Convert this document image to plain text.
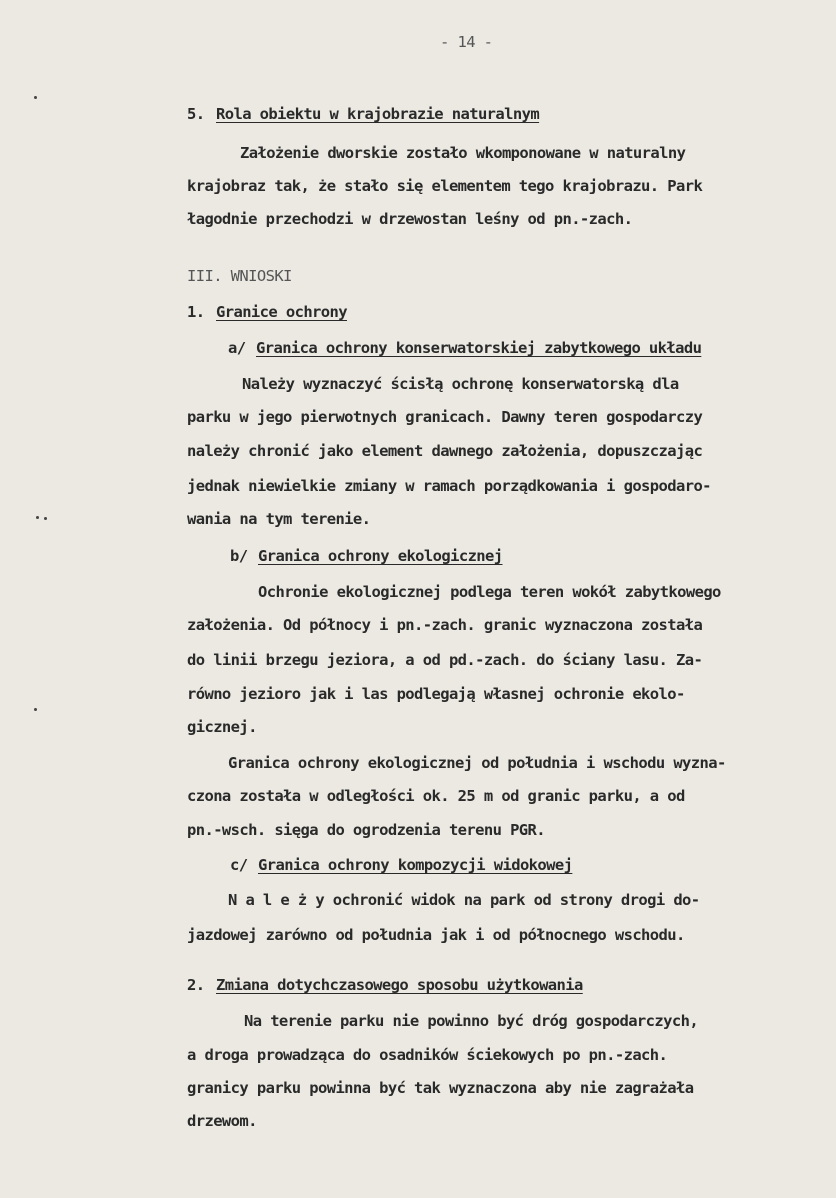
- 14 -
5. Rola obiektu w krajobrazie naturalnym
Założenie dworskie zostało wkomponowane w naturalny
krajobraz tak, że stało się elementem tego krajobrazu. Park
łagodnie przechodzi w drzewostan leśny od pn.-zach.
III. WNIOSKI
1. Granice ochrony
a/ Granica ochrony konserwatorskiej zabytkowego układu
Należy wyznaczyć ścisłą ochronę konserwatorską dla
parku w jego pierwotnych granicach. Dawny teren gospodarczy
należy chronić jako element dawnego założenia, dopuszczając
jednak niewielkie zmiany w ramach porządkowania i gospodaro-
wania na tym terenie.
b/ Granica ochrony ekologicznej
Ochronie ekologicznej podlega teren wokół zabytkowego
założenia. Od północy i pn.-zach. granic wyznaczona została
do linii brzegu jeziora, a od pd.-zach. do ściany lasu. Za-
równo jezioro jak i las podlegają własnej ochronie ekolo-
gicznej.
Granica ochrony ekologicznej od południa i wschodu wyzna-
czona została w odległości ok. 25 m od granic parku, a od
pn.-wsch. sięga do ogrodzenia terenu PGR.
c/ Granica ochrony kompozycji widokowej
N a l e ż y ochronić widok na park od strony drogi do-
jazdowej zarówno od południa jak i od północnego wschodu.
2. Zmiana dotychczasowego sposobu użytkowania
Na terenie parku nie powinno być dróg gospodarczych,
a droga prowadząca do osadników ściekowych po pn.-zach.
granicy parku powinna być tak wyznaczona aby nie zagrażała
drzewom.
